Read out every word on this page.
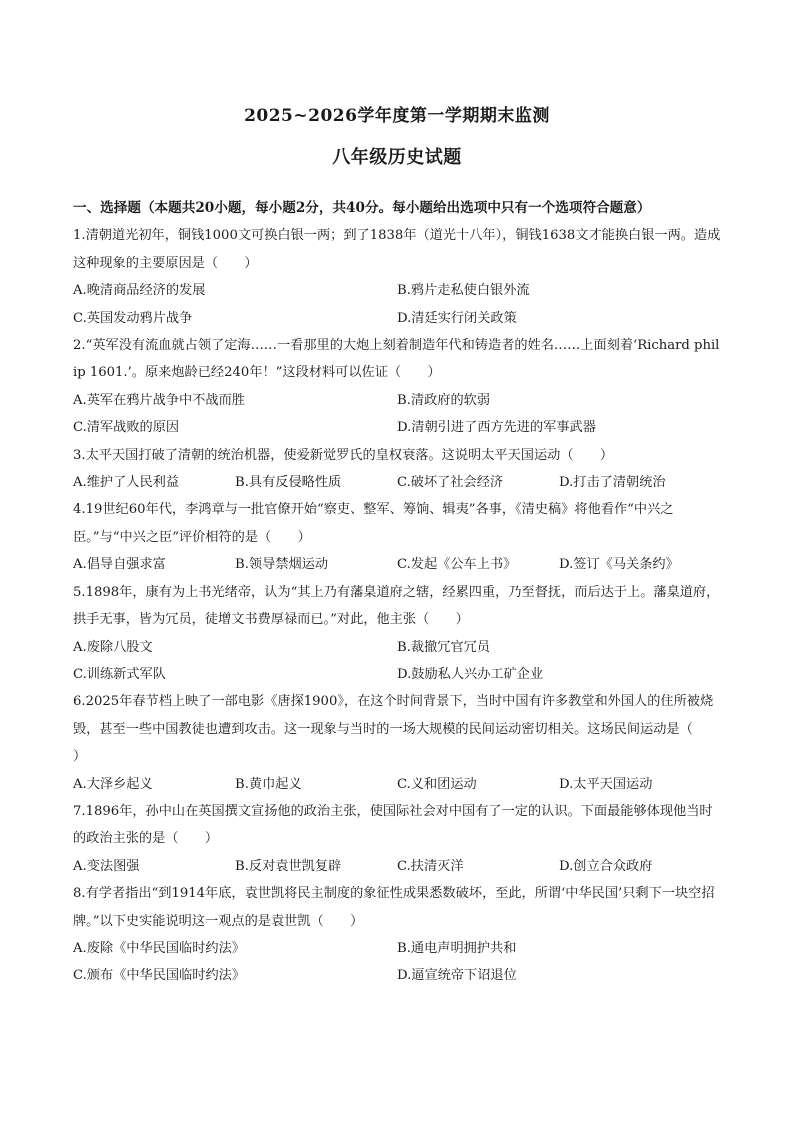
2025~2026学年度第一学期期末监测
八年级历史试题
一、选择题（本题共20小题，每小题2分，共40分。每小题给出选项中只有一个选项符合题意）
1.清朝道光初年，铜钱1000文可换白银一两；到了1838年（道光十八年），铜钱1638文才能换白银一两。造成这种现象的主要原因是（　　）
A.晚清商品经济的发展	B.鸦片走私使白银外流
C.英国发动鸦片战争	D.清廷实行闭关政策
2.“英军没有流血就占领了定海……一看那里的大炮上刻着制造年代和铸造者的姓名……上面刻着‘Richard philip 1601.’。原来炮龄已经240年！”这段材料可以佐证（　　）
A.英军在鸦片战争中不战而胜	B.清政府的软弱
C.清军战败的原因	D.清朝引进了西方先进的军事武器
3.太平天国打破了清朝的统治机器，使爱新觉罗氏的皇权衰落。这说明太平天国运动（　　）
A.维护了人民利益	B.具有反侵略性质	C.破坏了社会经济	D.打击了清朝统治
4.19世纪60年代，李鸿章与一批官僚开始“察吏、整军、筹饷、辑夷”各事，《清史稿》将他看作“中兴之臣。”与“中兴之臣”评价相符的是（　　）
A.倡导自强求富	B.领导禁烟运动	C.发起《公车上书》	D.签订《马关条约》
5.1898年，康有为上书光绪帝，认为“其上乃有藩臬道府之辖，经累四重，乃至督抚，而后达于上。藩臬道府，拱手无事，皆为冗员，徒增文书费厚禄而已。”对此，他主张（　　）
A.废除八股文	B.裁撤冗官冗员
C.训练新式军队	D.鼓励私人兴办工矿企业
6.2025年春节档上映了一部电影《唐探1900》，在这个时间背景下，当时中国有许多教堂和外国人的住所被烧毁，甚至一些中国教徒也遭到攻击。这一现象与当时的一场大规模的民间运动密切相关。这场民间运动是（　　）
A.大泽乡起义	B.黄巾起义	C.义和团运动	D.太平天国运动
7.1896年，孙中山在英国撰文宣扬他的政治主张，使国际社会对中国有了一定的认识。下面最能够体现他当时的政治主张的是（　　）
A.变法图强	B.反对袁世凯复辟	C.扶清灭洋	D.创立合众政府
8.有学者指出“到1914年底，袁世凯将民主制度的象征性成果悉数破坏，至此，所谓‘中华民国’只剩下一块空招牌。”以下史实能说明这一观点的是袁世凯（　　）
A.废除《中华民国临时约法》	B.通电声明拥护共和
C.颁布《中华民国临时约法》	D.逼宣统帝下诏退位
